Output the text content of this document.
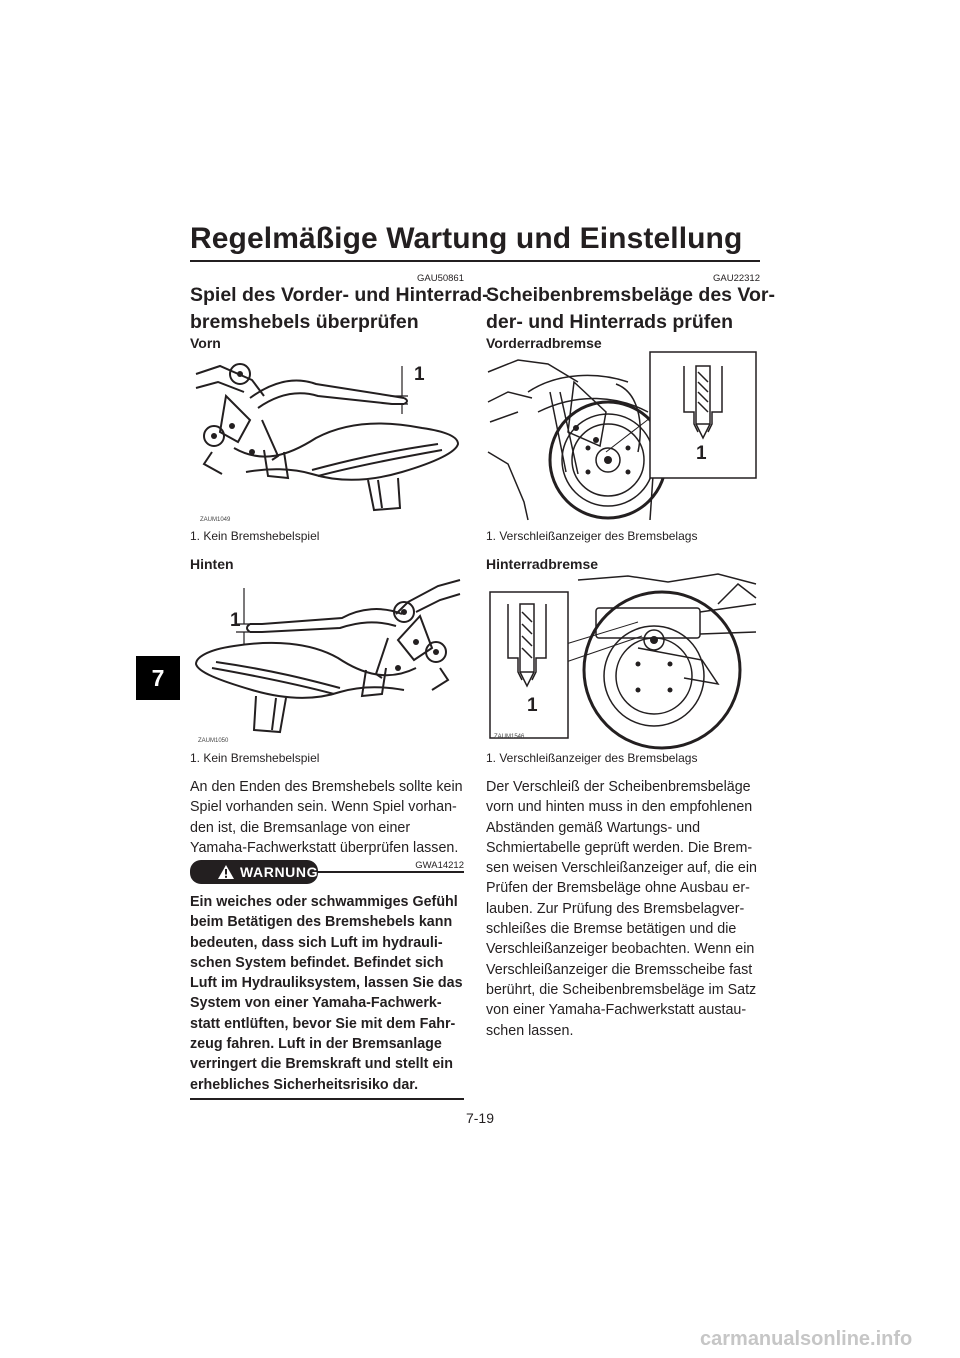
Regelmäßige Wartung und Einstellung
7
GAU50861
Spiel des Vorder- und Hinterrad-
bremshebels überprüfen
Vorn
1
ZAUM1049
1. Kein Bremshebelspiel
Hinten
1
ZAUM1050
1. Kein Bremshebelspiel
An den Enden des Bremshebels sollte kein
Spiel vorhanden sein. Wenn Spiel vorhan-
den ist, die Bremsanlage von einer
Yamaha-Fachwerkstatt überprüfen lassen.
GWA14212
WARNUNG
Ein weiches oder schwammiges Gefühl
beim Betätigen des Bremshebels kann
bedeuten, dass sich Luft im hydrauli-
schen System befindet. Befindet sich
Luft im Hydrauliksystem, lassen Sie das
System von einer Yamaha-Fachwerk-
statt entlüften, bevor Sie mit dem Fahr-
zeug fahren. Luft in der Bremsanlage
verringert die Bremskraft und stellt ein
erhebliches Sicherheitsrisiko dar.
GAU22312
Scheibenbremsbeläge des Vor-
der- und Hinterrads prüfen
Vorderradbremse
1
1. Verschleißanzeiger des Bremsbelags
Hinterradbremse
1
ZAUM1546
1. Verschleißanzeiger des Bremsbelags
Der Verschleiß der Scheibenbremsbeläge
vorn und hinten muss in den empfohlenen
Abständen gemäß Wartungs- und
Schmiertabelle geprüft werden. Die Brem-
sen weisen Verschleißanzeiger auf, die ein
Prüfen der Bremsbeläge ohne Ausbau er-
lauben. Zur Prüfung des Bremsbelagver-
schleißes die Bremse betätigen und die
Verschleißanzeiger beobachten. Wenn ein
Verschleißanzeiger die Bremsscheibe fast
berührt, die Scheibenbremsbeläge im Satz
von einer Yamaha-Fachwerkstatt austau-
schen lassen.
7-19
carmanualsonline.info
